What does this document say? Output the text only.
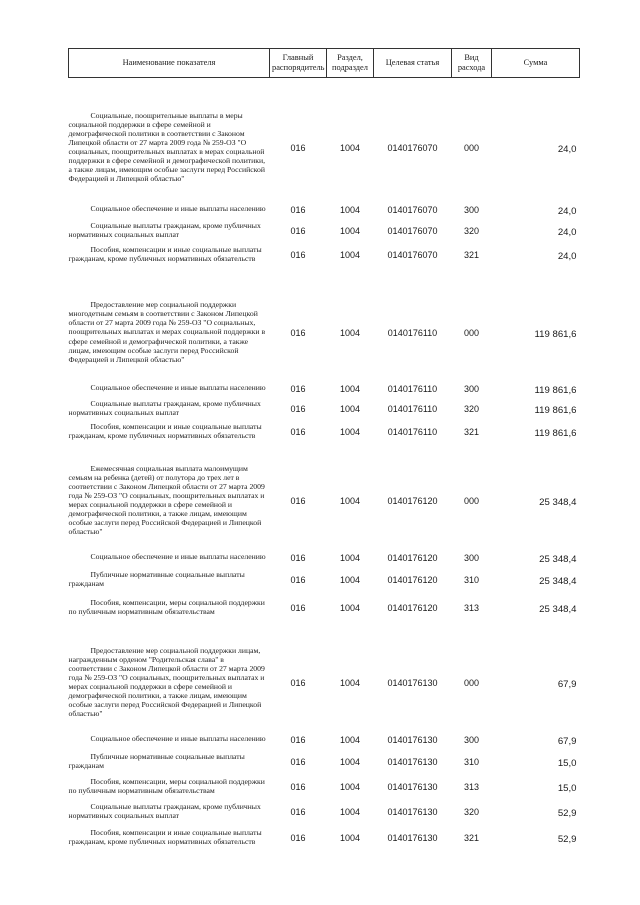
Наименование показателя	Главный распорядитель	Раздел, подраздел	Целевая статья	Вид расхода	Сумма

Социальные, поощрительные выплаты в меры социальной поддержки в сфере семейной и демографической политики в соответствии с Законом Липецкой области от 27 марта 2009 года № 259-ОЗ "О социальных, поощрительных выплатах в мерах социальной поддержки в сфере семейной и демографической политики, а также лицам, имеющим особые заслуги перед Российской Федерацией и Липецкой областью"	016	1004	0140176070	000	24,0
Социальное обеспечение и иные выплаты населению	016	1004	0140176070	300	24,0
Социальные выплаты гражданам, кроме публичных нормативных социальных выплат	016	1004	0140176070	320	24,0
Пособия, компенсации и иные социальные выплаты гражданам, кроме публичных нормативных обязательств	016	1004	0140176070	321	24,0

Предоставление мер социальной поддержки многодетным семьям в соответствии с Законом Липецкой области от 27 марта 2009 года № 259-ОЗ "О социальных, поощрительных выплатах и мерах социальной поддержки в сфере семейной и демографической политики, а также лицам, имеющим особые заслуги перед Российской Федерацией и Липецкой областью"	016	1004	0140176110	000	119 861,6
Социальное обеспечение и иные выплаты населению	016	1004	0140176110	300	119 861,6
Социальные выплаты гражданам, кроме публичных нормативных социальных выплат	016	1004	0140176110	320	119 861,6
Пособия, компенсации и иные социальные выплаты гражданам, кроме публичных нормативных обязательств	016	1004	0140176110	321	119 861,6

Ежемесячная социальная выплата малоимущим семьям на ребенка (детей) от полутора до трех лет в соответствии с Законом Липецкой области от 27 марта 2009 года № 259-ОЗ "О социальных, поощрительных выплатах и мерах социальной поддержки в сфере семейной и демографической политики, а также лицам, имеющим особые заслуги перед Российской Федерацией и Липецкой областью"	016	1004	0140176120	000	25 348,4
Социальное обеспечение и иные выплаты населению	016	1004	0140176120	300	25 348,4
Публичные нормативные социальные выплаты гражданам	016	1004	0140176120	310	25 348,4
Пособия, компенсации, меры социальной поддержки по публичным нормативным обязательствам	016	1004	0140176120	313	25 348,4

Предоставление мер социальной поддержки лицам, награжденным орденом "Родительская слава" в соответствии с Законом Липецкой области от 27 марта 2009 года № 259-ОЗ "О социальных, поощрительных выплатах и мерах социальной поддержки в сфере семейной и демографической политики, а также лицам, имеющим особые заслуги перед Российской Федерацией и Липецкой областью"	016	1004	0140176130	000	67,9
Социальное обеспечение и иные выплаты населению	016	1004	0140176130	300	67,9
Публичные нормативные социальные выплаты гражданам	016	1004	0140176130	310	15,0
Пособия, компенсации, меры социальной поддержки по публичным нормативным обязательствам	016	1004	0140176130	313	15,0
Социальные выплаты гражданам, кроме публичных нормативных социальных выплат	016	1004	0140176130	320	52,9
Пособия, компенсации и иные социальные выплаты гражданам, кроме публичных нормативных обязательств	016	1004	0140176130	321	52,9
